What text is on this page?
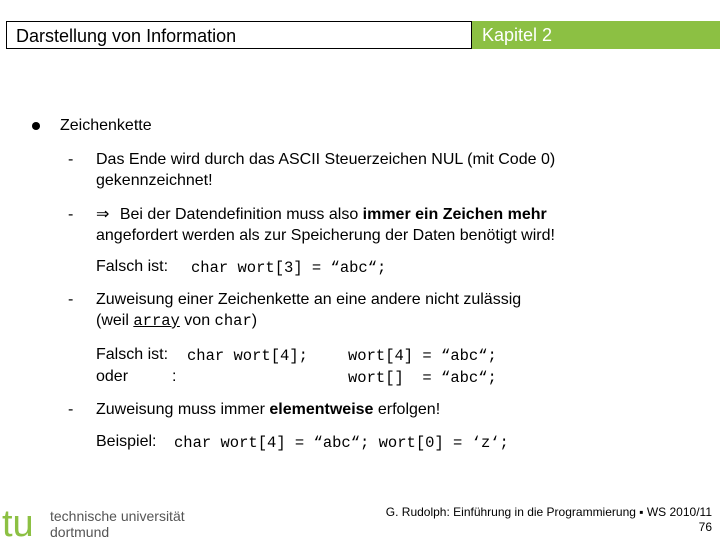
Darstellung von Information	Kapitel 2
Zeichenkette
- Das Ende wird durch das ASCII Steuerzeichen NUL (mit Code 0)
gekennzeichnet!
- ⇒ Bei der Datendefinition muss also immer ein Zeichen mehr
angefordert werden als zur Speicherung der Daten benötigt wird!
Falsch ist: char wort[3] = “abc“;
- Zuweisung einer Zeichenkette an eine andere nicht zulässig
(weil array von char)
Falsch ist: char wort[4];	wort[4] = “abc“;
oder	:	wort[]  = “abc“;
- Zuweisung muss immer elementweise erfolgen!
Beispiel: char wort[4] = “abc“; wort[0] = ‘z‘;
tu technische universität
dortmund
G. Rudolph: Einführung in die Programmierung ▪ WS 2010/11
76
